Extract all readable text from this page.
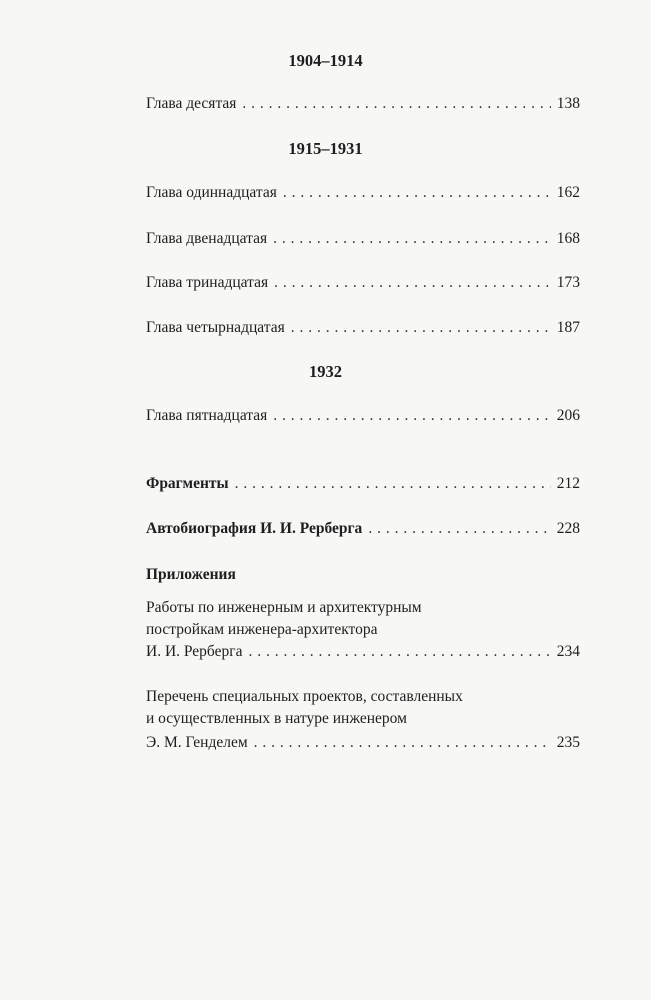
1904–1914
Глава десятая . . .	138
1915–1931
Глава одиннадцатая . . .	162
Глава двенадцатая . . .	168
Глава тринадцатая . . .	173
Глава четырнадцатая . . .	187
1932
Глава пятнадцатая . . .	206
Фрагменты . . .	212
Автобиография И. И. Рерберга . . .	228
Приложения
Работы по инженерным и архитектурным
постройкам инженера-архитектора
И. И. Рерберга . . .	234
Перечень специальных проектов, составленных
и осуществленных в натуре инженером
Э. М. Генделем . . .	235
